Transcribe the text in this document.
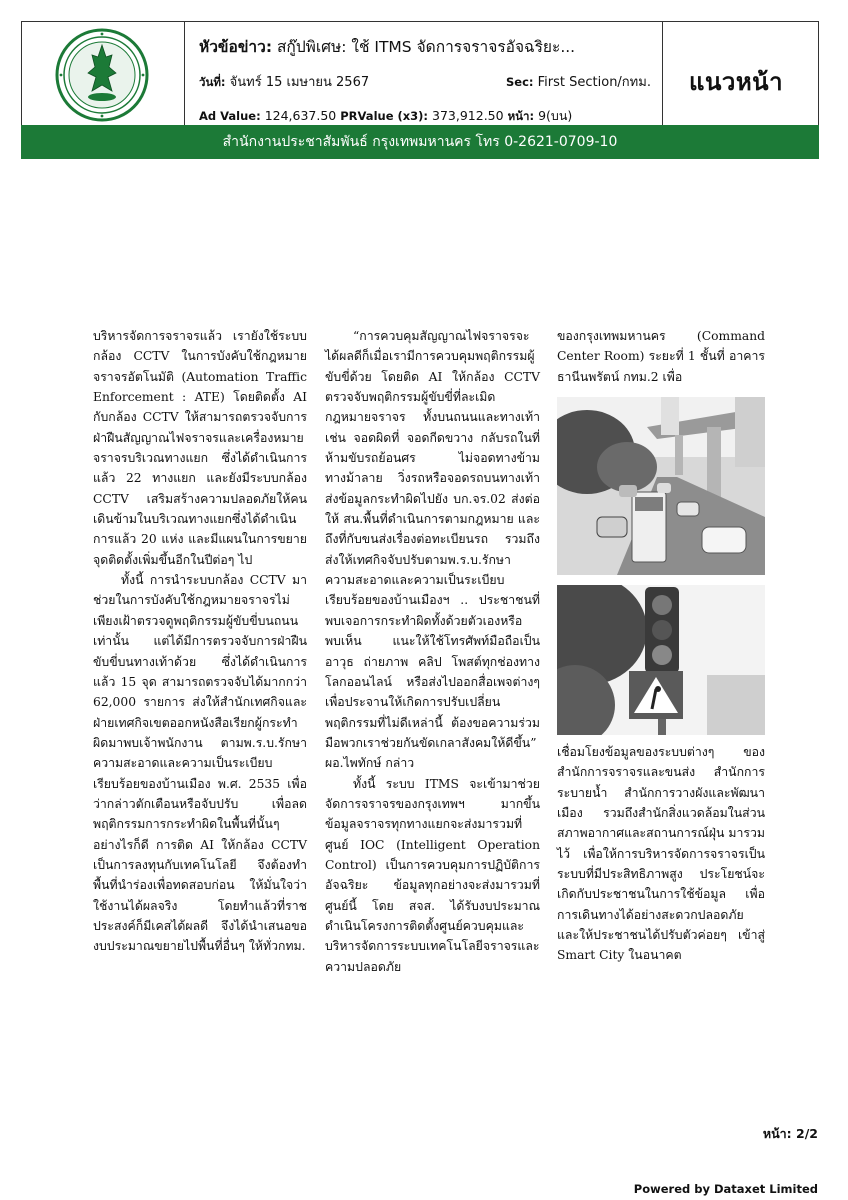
หัวข้อข่าว: สกู๊ปพิเศษ: ใช้ ITMS จัดการจราจรอัจฉริยะ...
วันที่: จันทร์ 15 เมษายน 2567	Sec: First Section/กทม.
Ad Value: 124,637.50 PRValue (x3): 373,912.50 หน้า: 9(บน)
แนวหน้า
สำนักงานประชาสัมพันธ์ กรุงเทพมหานคร โทร 0-2621-0709-10

บริหารจัดการจราจรแล้ว เรายังใช้ระบบกล้อง CCTV ในการบังคับใช้กฎหมายจราจรอัตโนมัติ (Automation Traffic Enforcement : ATE) โดยติดตั้ง AI กับกล้อง CCTV ให้สามารถตรวจจับการฝ่าฝืนสัญญาณไฟจราจรและเครื่องหมายจราจรบริเวณทางแยก ซึ่งได้ดำเนินการแล้ว 22 ทางแยก และยังมีระบบกล้อง CCTV เสริมสร้างความปลอดภัยให้คนเดินข้ามในบริเวณทางแยกซึ่งได้ดำเนินการแล้ว 20 แห่ง และมีแผนในการขยายจุดติดตั้งเพิ่มขึ้นอีกในปีต่อๆ ไป

ทั้งนี้ การนำระบบกล้อง CCTV มาช่วยในการบังคับใช้กฎหมายจราจรไม่เพียงเฝ้าตรวจดูพฤติกรรมผู้ขับขี่บนถนนเท่านั้น แต่ได้มีการตรวจจับการฝ่าฝืนขับขี่บนทางเท้าด้วย ซึ่งได้ดำเนินการแล้ว 15 จุด สามารถตรวจจับได้มากกว่า 62,000 รายการ ส่งให้สำนักเทศกิจและฝ่ายเทศกิจเขตออกหนังสือเรียกผู้กระทำผิดมาพบเจ้าพนักงาน ตามพ.ร.บ.รักษาความสะอาดและความเป็นระเบียบเรียบร้อยของบ้านเมือง พ.ศ. 2535 เพื่อว่ากล่าวตักเตือนหรือจับปรับ เพื่อลดพฤติกรรมการกระทำผิดในพื้นที่นั้นๆ อย่างไรก็ดี การติด AI ให้กล้อง CCTV เป็นการลงทุนกับเทคโนโลยี จึงต้องทำพื้นที่นำร่องเพื่อทดสอบก่อน ให้มั่นใจว่าใช้งานได้ผลจริง โดยทำแล้วที่ราชประสงค์ก็มีเคสได้ผลดี จึงได้นำเสนอของบประมาณขยายไปพื้นที่อื่นๆ ให้ทั่วกทม.

“การควบคุมสัญญาณไฟจราจรจะได้ผลดีก็เมื่อเรามีการควบคุมพฤติกรรมผู้ขับขี่ด้วย โดยติด AI ให้กล้อง CCTV ตรวจจับพฤติกรรมผู้ขับขี่ที่ละเมิดกฎหมายจราจร ทั้งบนถนนและทางเท้า เช่น จอดผิดที่ จอดกีดขวาง กลับรถในที่ห้ามขับรถย้อนศร ไม่จอดทางข้ามทางม้าลาย วิ่งรถหรือจอดรถบนทางเท้า ส่งข้อมูลกระทำผิดไปยัง บก.จร.02 ส่งต่อให้ สน.พื้นที่ดำเนินการตามกฎหมาย และถึงที่กับขนส่งเรื่องต่อทะเบียนรถ รวมถึงส่งให้เทศกิจจับปรับตามพ.ร.บ.รักษาความสะอาดและความเป็นระเบียบเรียบร้อยของบ้านเมืองฯ .. ประชาชนที่พบเจอการกระทำผิดทั้งด้วยตัวเองหรือพบเห็น แนะให้ใช้โทรศัพท์มือถือเป็นอาวุธ ถ่ายภาพ คลิป โพสต์ทุกช่องทางโลกออนไลน์ หรือส่งไปออกสื่อเพจต่างๆ เพื่อประจานให้เกิดการปรับเปลี่ยนพฤติกรรมที่ไม่ดีเหล่านี้ ต้องขอความร่วมมือพวกเราช่วยกันขัดเกลาสังคมให้ดีขึ้น” ผอ.ไพทักษ์ กล่าว

ทั้งนี้ ระบบ ITMS จะเข้ามาช่วยจัดการจราจรของกรุงเทพฯ มากขึ้น ข้อมูลจราจรทุกทางแยกจะส่งมารวมที่ศูนย์ IOC (Intelligent Operation Control) เป็นการควบคุมการปฏิบัติการอัจฉริยะ ข้อมูลทุกอย่างจะส่งมารวมที่ศูนย์นี้ โดย สจส. ได้รับงบประมาณดำเนินโครงการติดตั้งศูนย์ควบคุมและบริหารจัดการระบบเทคโนโลยีจราจรและความปลอดภัย

ของกรุงเทพมหานคร (Command Center Room) ระยะที่ 1 ชั้นที่ อาคารธานีนพรัตน์ กทม.2 เพื่อ

เชื่อมโยงข้อมูลของระบบต่างๆ ของสำนักการจราจรและขนส่ง สำนักการระบายน้ำ สำนักการวางผังและพัฒนาเมือง รวมถึงสำนักสิ่งแวดล้อมในส่วนสภาพอากาศและสถานการณ์ฝุ่น มารวมไว้ เพื่อให้การบริหารจัดการจราจรเป็นระบบที่มีประสิทธิภาพสูง ประโยชน์จะเกิดกับประชาชนในการใช้ข้อมูล เพื่อการเดินทางได้อย่างสะดวกปลอดภัย และให้ประชาชนได้ปรับตัวค่อยๆ เข้าสู่ Smart City ในอนาคต

หน้า: 2/2
Powered by Dataxet Limited
